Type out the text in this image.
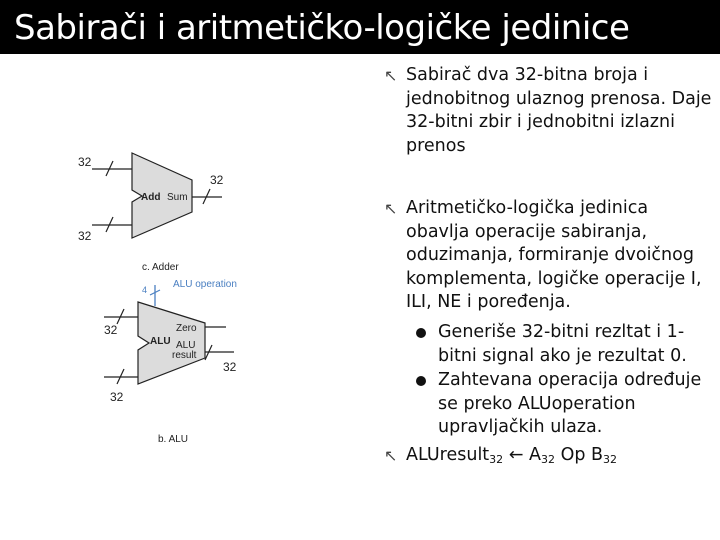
Sabirači i aritmetičko-logičke jedinice
32
32
32
Add Sum
c. Adder
ALU operation
4
32
32
32
ALU
Zero
ALU
result
b. ALU
↖ Sabirač dva 32-bitna broja i jednobitnog ulaznog prenosa. Daje 32-bitni zbir i jednobitni izlazni prenos
↖ Aritmetičko-logička jedinica obavlja operacije sabiranja, oduzimanja, formiranje dvoičnog komplementa, logičke operacije I, ILI, NE i poređenja.
Generiše 32-bitni rezltat i 1-bitni signal ako je rezultat 0.
Zahtevana operacija određuje se preko ALUoperation upravljačkih ulaza.
↖ ALUresult$_{32}$ ← $A_{32}$ Op $B_{32}$
